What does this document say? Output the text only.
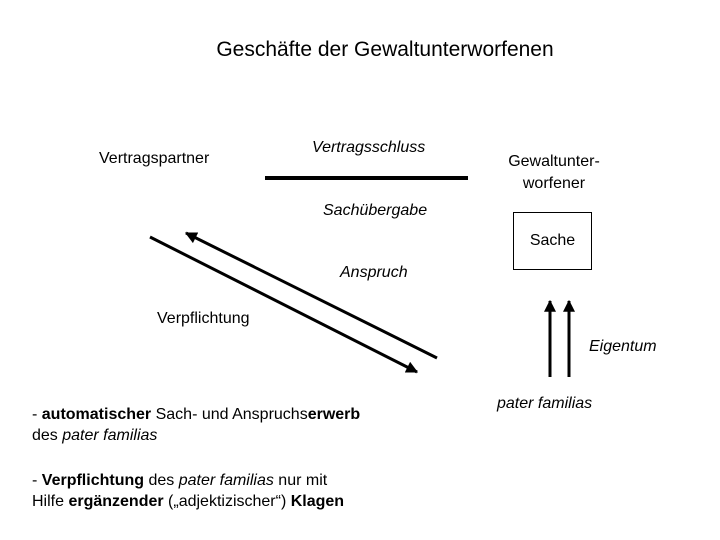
Geschäfte der Gewaltunterworfenen
Vertragspartner
Vertragsschluss
Gewaltunter-
worfener
Sachübergabe
Sache
Anspruch
Verpflichtung
Eigentum
pater familias
- automatischer Sach- und Anspruchserwerb
des pater familias
- Verpflichtung des pater familias nur mit
Hilfe ergänzender („adjektizischer“) Klagen
